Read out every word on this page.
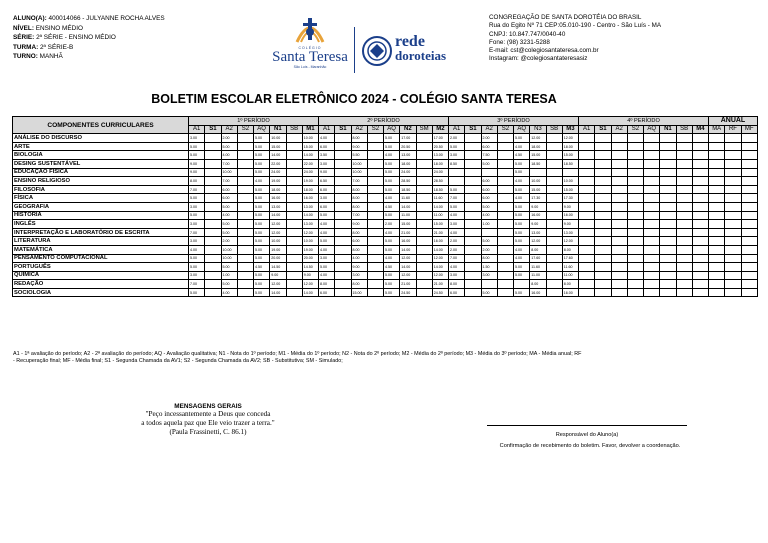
ALUNO(A): 400014066 - JULYANNE ROCHA ALVES
NÍVEL: ENSINO MÉDIO
SÉRIE: 2ª SÉRIE - ENSINO MÉDIO
TURMA: 2ª SÉRIE-B
TURNO: MANHÃ
COLÉGIO
Santa Teresa
São Luís - Maranhão
rede
doroteias
CONGREGAÇÃO DE SANTA DOROTÉIA DO BRASIL
Rua do Egito Nº 71 CEP:05.010-190 - Centro - São Luís - MA
CNPJ: 10.847.747/0040-40
Fone: (98) 3231-5288
E-mail: cst@colegiosantateresa.com.br
Instagram: @colegiosantateresasiz
BOLETIM ESCOLAR ELETRÔNICO 2024 - COLÉGIO SANTA TERESA
COMPONENTES CURRICULARES	1º PERÍODO								2º PERÍODO								3º PERÍODO								4º PERÍODO								ANUAL		
	A1	S1	A2	S2	AQ	N1	SB	M1	A1	S1	A2	S2	AQ	N2	SM	M2	A1	S1	A2	S2	AQ	N3	SB	M3	A1	S1	A2	S2	AQ	N1	SB	M4	MA	RF	MF
ANÁLISE DO DISCURSO	3.00		2.00		5.00	10.00		10.00	4.00		8.00		5.00	17.00		17.00	2.00		2.00		5.00	12.00		12.00											
ARTE	5.00		5.00		5.00	15.00		15.00	6.00		9.00		5.00	20.50		20.50	5.00		6.00		4.00	18.00		18.00											
BIOLOGIA	5.00		4.00		5.00	14.00		14.00	3.50		5.50		4.00	13.00		13.00	3.00		7.50		4.50	15.00		15.00											
DESING SUSTENTÁVEL	9.00		7.00		5.00	22.00		22.00	3.00		10.00		5.00	18.00		18.00	8.50		5.00		5.00	18.50		18.50											
EDUCAÇÃO FÍSICA	9.00		10.00		5.00	24.00		24.00	9.00		10.00		5.00	24.00		24.00					5.00														
ENSINO RELIGIOSO	8.00		7.00		4.00	19.00		19.00	6.50		7.00		5.00	28.50		28.50			6.00		4.00	10.00		10.00											
FILOSOFIA	7.00		6.00		5.00	18.00		18.00	6.00		8.00		5.00	18.50		18.50	5.00		6.00		5.00	15.00		15.00											
FÍSICA	5.00		6.00		5.00	16.00		16.00	3.00		8.00		4.00	11.60		11.60	7.00		6.00		4.00	17.30		17.30											
GEOGRAFIA	3.00		5.00		5.00	13.00		13.00	6.00		8.00		4.50	14.00		14.00	5.00		5.00		5.00	9.00		9.00											
HISTÓRIA	5.00		4.00		5.00	14.00		14.00	5.00		7.00		5.00	11.00		11.00	4.00		4.00		5.00	16.00		16.00											
INGLÊS	3.00		5.00		5.00	12.00		13.00	4.00		9.00		2.00	15.00		15.00	3.00		1.00		5.00	9.00		9.00											
INTERPRETAÇÃO E LABORATÓRIO DE ESCRITA	7.00		5.00		5.00	12.00		12.00	4.00		8.00		4.00	21.00		21.00	4.00				5.00	13.00		13.00											
LITERATURA	3.00		2.00		5.00	10.00		10.00	5.00		6.00		5.00	16.00		16.00	2.00		5.00		5.00	12.00		12.00											
MATEMÁTICA	4.00		10.00		5.00	19.00		19.00	4.00		8.00		5.00	14.00		14.00	2.00		2.00		4.00	8.00		8.00											
PENSAMENTO COMPUTACIONAL	5.00		10.00		5.00	20.00		20.00	3.00		4.00		4.00	12.00		12.00	7.00		8.00		4.00	17.60		17.60											
PORTUGUÊS	5.00		5.00		4.50	14.50		14.50	5.00		9.00		4.50	14.00		14.00	4.00		1.50		5.00	11.60		11.60											
QUÍMICA	3.00		1.00		5.00	9.00		9.00	4.00		3.00		5.00	12.00		12.00	3.00		3.00		5.00	11.00		11.00											
REDAÇÃO	7.00		5.00		5.00	12.00		12.00	8.00		8.00		5.00	21.00		21.00	8.00					8.00		8.00											
SOCIOLOGIA	5.00		4.00		5.00	14.00		14.00	6.00		15.00		5.00	24.50		24.50	6.00		5.00		5.00	16.00		16.00											
A1 - 1ª avaliação do período; A2 - 2ª avaliação do período; AQ - Avaliação qualitativa; N1 - Nota do 1º período; M1 - Média do 1º período; N2 - Nota do 2º período; M2 - Média do 2º período; M3 - Média do 3º período; MA - Média anual; RF
- Recuperação final; MF - Média final; S1 - Segunda Chamada da AV1; S2 - Segunda Chamada da AV2; SB - Substitutiva; SM - Simulado;
MENSAGENS GERAIS
"Peço incessantemente a Deus que conceda
a todos aquela paz que Ele veio trazer a terra."
(Paula Frassinetti, C. 86.1)	Responsável do Aluno(a)
Confirmação de recebimento do boletim. Favor, devolver a coordenação.
